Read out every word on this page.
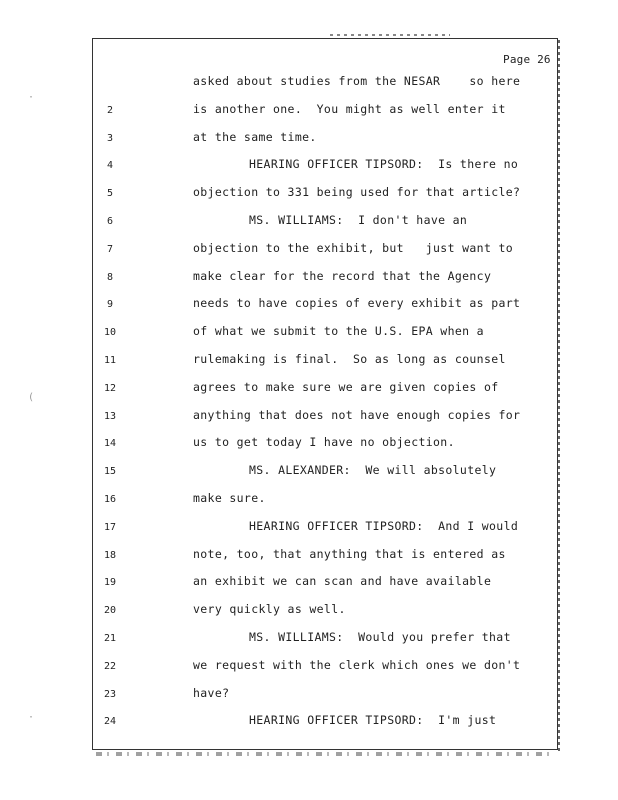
Page 26
·
(
·
asked about studies from the NESAR    so here
2	is another one.  You might as well enter it
3	at the same time.
4	HEARING OFFICER TIPSORD:  Is there no
5	objection to 331 being used for that article?
6	MS. WILLIAMS:  I don't have an
7	objection to the exhibit, but   just want to
8	make clear for the record that the Agency
9	needs to have copies of every exhibit as part
10	of what we submit to the U.S. EPA when a
11	rulemaking is final.  So as long as counsel
12	agrees to make sure we are given copies of
13	anything that does not have enough copies for
14	us to get today I have no objection.
15	MS. ALEXANDER:  We will absolutely
16	make sure.
17	HEARING OFFICER TIPSORD:  And I would
18	note, too, that anything that is entered as
19	an exhibit we can scan and have available
20	very quickly as well.
21	MS. WILLIAMS:  Would you prefer that
22	we request with the clerk which ones we don't
23	have?
24	HEARING OFFICER TIPSORD:  I'm just
